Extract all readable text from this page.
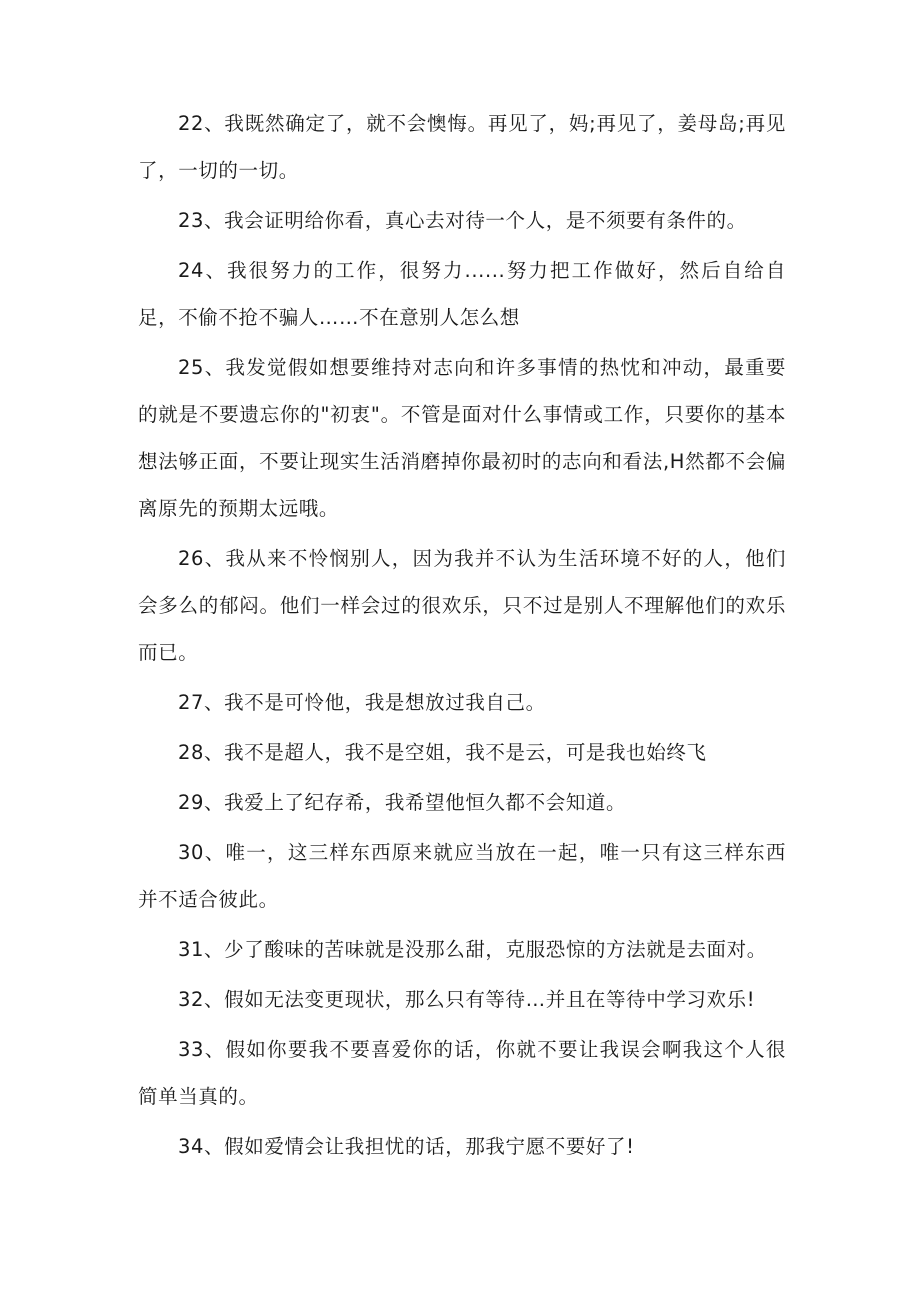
22、我既然确定了，就不会懊悔。再见了，妈;再见了，姜母岛;再见了，一切的一切。

23、我会证明给你看，真心去对待一个人，是不须要有条件的。

24、我很努力的工作，很努力......努力把工作做好，然后自给自足，不偷不抢不骗人……不在意别人怎么想

25、我发觉假如想要维持对志向和许多事情的热忱和冲动，最重要的就是不要遗忘你的"初衷"。不管是面对什么事情或工作，只要你的基本想法够正面，不要让现实生活消磨掉你最初时的志向和看法,H然都不会偏离原先的预期太远哦。

26、我从来不怜悯别人，因为我并不认为生活环境不好的人，他们会多么的郁闷。他们一样会过的很欢乐，只不过是别人不理解他们的欢乐而已。

27、我不是可怜他，我是想放过我自己。

28、我不是超人，我不是空姐，我不是云，可是我也始终飞

29、我爱上了纪存希，我希望他恒久都不会知道。

30、唯一，这三样东西原来就应当放在一起，唯一只有这三样东西并不适合彼此。

31、少了酸味的苦味就是没那么甜，克服恐惊的方法就是去面对。

32、假如无法变更现状，那么只有等待…并且在等待中学习欢乐!

33、假如你要我不要喜爱你的话，你就不要让我误会啊我这个人很简单当真的。

34、假如爱情会让我担忧的话，那我宁愿不要好了!
